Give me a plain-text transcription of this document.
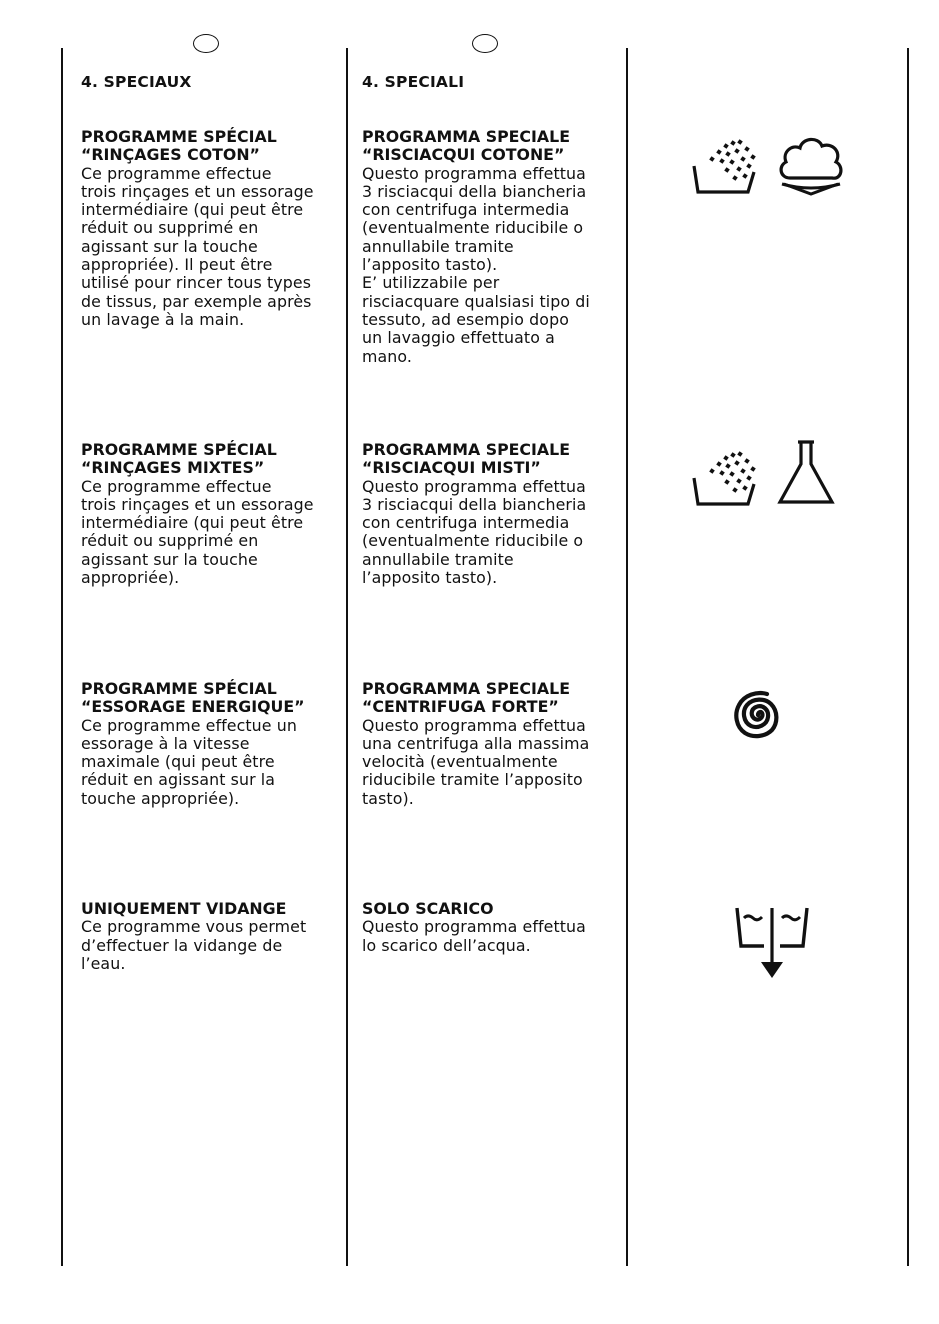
4. SPECIAUX
PROGRAMME SPÉCIAL
“RINÇAGES COTON”
Ce programme effectue
trois rinçages et un essorage
intermédiaire (qui peut être
réduit ou supprimé en
agissant sur la touche
appropriée). Il peut être
utilisé pour rincer tous types
de tissus, par exemple après
un lavage à la main.
PROGRAMME SPÉCIAL
“RINÇAGES MIXTES”
Ce programme effectue
trois rinçages et un essorage
intermédiaire (qui peut être
réduit ou supprimé en
agissant sur la touche
appropriée).
PROGRAMME SPÉCIAL
“ESSORAGE ENERGIQUE”
Ce programme effectue un
essorage à la vitesse
maximale (qui peut être
réduit en agissant sur la
touche appropriée).
UNIQUEMENT VIDANGE
Ce programme vous permet
d’effectuer la vidange de
l’eau.
4. SPECIALI
PROGRAMMA SPECIALE
“RISCIACQUI COTONE”
Questo programma effettua
3 risciacqui della biancheria
con centrifuga intermedia
(eventualmente riducibile o
annullabile tramite
l’apposito tasto).
E’ utilizzabile per
risciacquare qualsiasi tipo di
tessuto, ad esempio dopo
un lavaggio effettuato a
mano.
PROGRAMMA SPECIALE
“RISCIACQUI MISTI”
Questo programma effettua
3 risciacqui della biancheria
con centrifuga intermedia
(eventualmente riducibile o
annullabile tramite
l’apposito tasto).
PROGRAMMA SPECIALE
“CENTRIFUGA FORTE”
Questo programma effettua
una centrifuga alla massima
velocità (eventualmente
riducibile tramite l’apposito
tasto).
SOLO SCARICO
Questo programma effettua
lo scarico dell’acqua.
